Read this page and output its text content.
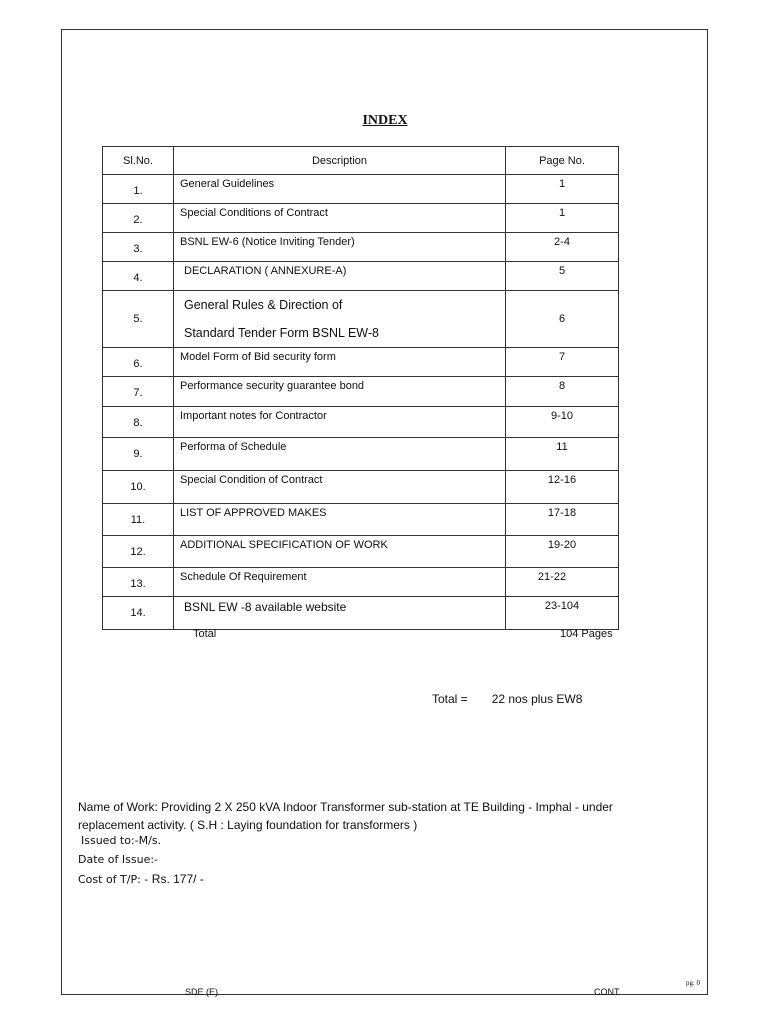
INDEX
Sl.No.	Description	Page No.

1.	General Guidelines	1

2.	Special Conditions of Contract	1

3.	BSNL EW-6 (Notice Inviting Tender)	2-4

4.	DECLARATION ( ANNEXURE-A)	5

5.	General Rules & Direction of
Standard Tender Form BSNL EW-8	6

6.	Model Form of Bid security form	7

7.	Performance security guarantee bond	8

8.	Important notes for Contractor	9-10

9.	Performa of Schedule	11

10.	Special Condition of Contract	12-16

11.	LIST OF APPROVED MAKES	17-18

12.	ADDITIONAL SPECIFICATION OF WORK	19-20

13.	Schedule Of Requirement	21-22

14.	BSNL EW -8 available website	23-104
Total	104 Pages
Total = 22 nos plus EW8
Name of Work: Providing 2 X 250 kVA Indoor Transformer sub-station at TE Building - Imphal - under
replacement activity. ( S.H : Laying foundation for transformers )
Issued to:-M/s.
Date of Issue:-
Cost of T/P: - Rs. 177/ -
SDE (E)	CONT
pg. 0
